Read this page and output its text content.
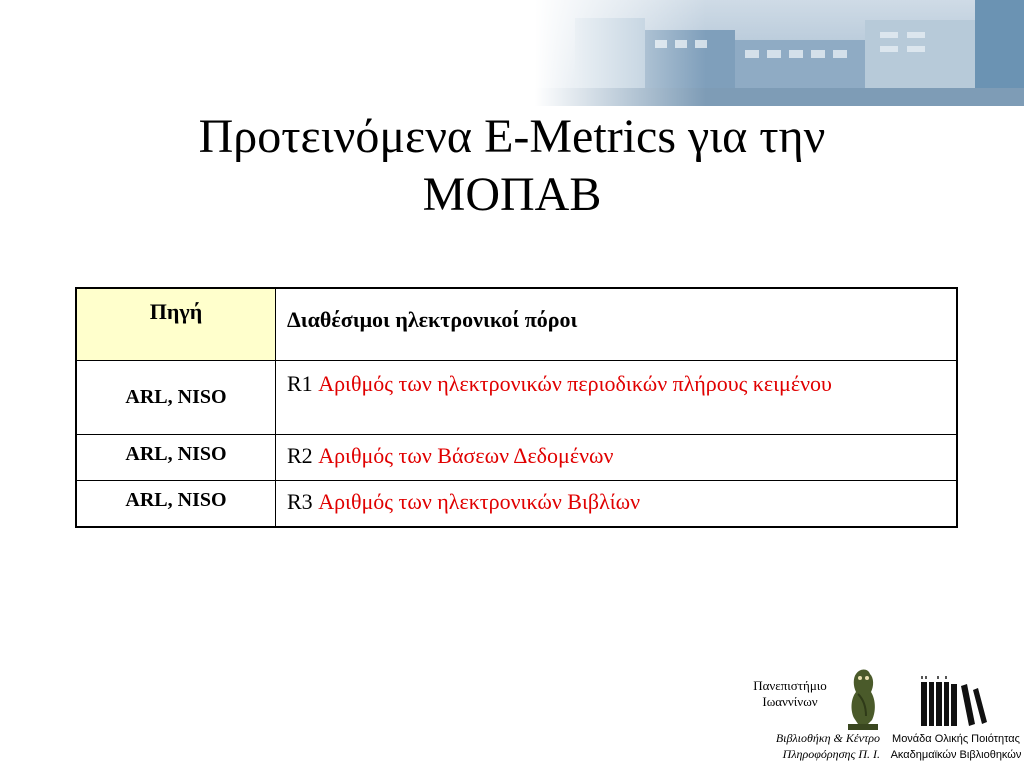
Προτεινόμενα E-Metrics για την
ΜΟΠΑΒ
Πηγή	Διαθέσιμοι ηλεκτρονικοί πόροι
ARL, NISO	R1 Αριθμός των ηλεκτρονικών περιοδικών πλήρους κειμένου
ARL, NISO	R2 Αριθμός των Βάσεων Δεδομένων
ARL, NISO	R3 Αριθμός των ηλεκτρονικών Βιβλίων
Πανεπιστήμιο
Ιωαννίνων
Βιβλιοθήκη & Κέντρο
Πληροφόρησης Π. Ι.
Μονάδα Ολικής Ποιότητας
Ακαδημαϊκών Βιβλιοθηκών
